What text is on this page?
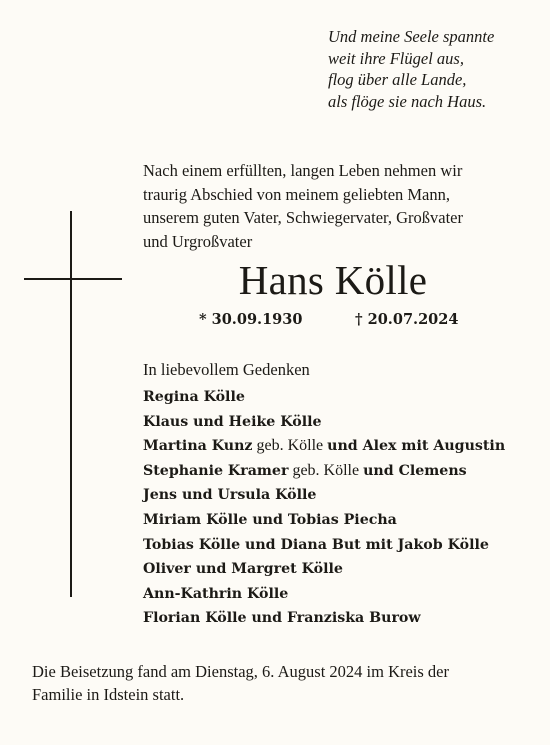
Und meine Seele spannte
weit ihre Flügel aus,
flog über alle Lande,
als flöge sie nach Haus.
Nach einem erfüllten, langen Leben nehmen wir
traurig Abschied von meinem geliebten Mann,
unserem guten Vater, Schwiegervater, Großvater
und Urgroßvater
Hans Kölle
* 30.09.1930	† 20.07.2024
In liebevollem Gedenken
Regina Kölle
Klaus und Heike Kölle
Martina Kunz geb. Kölle und Alex mit Augustin
Stephanie Kramer geb. Kölle und Clemens
Jens und Ursula Kölle
Miriam Kölle und Tobias Piecha
Tobias Kölle und Diana But mit Jakob Kölle
Oliver und Margret Kölle
Ann-Kathrin Kölle
Florian Kölle und Franziska Burow
Die Beisetzung fand am Dienstag, 6. August 2024 im Kreis der
Familie in Idstein statt.
